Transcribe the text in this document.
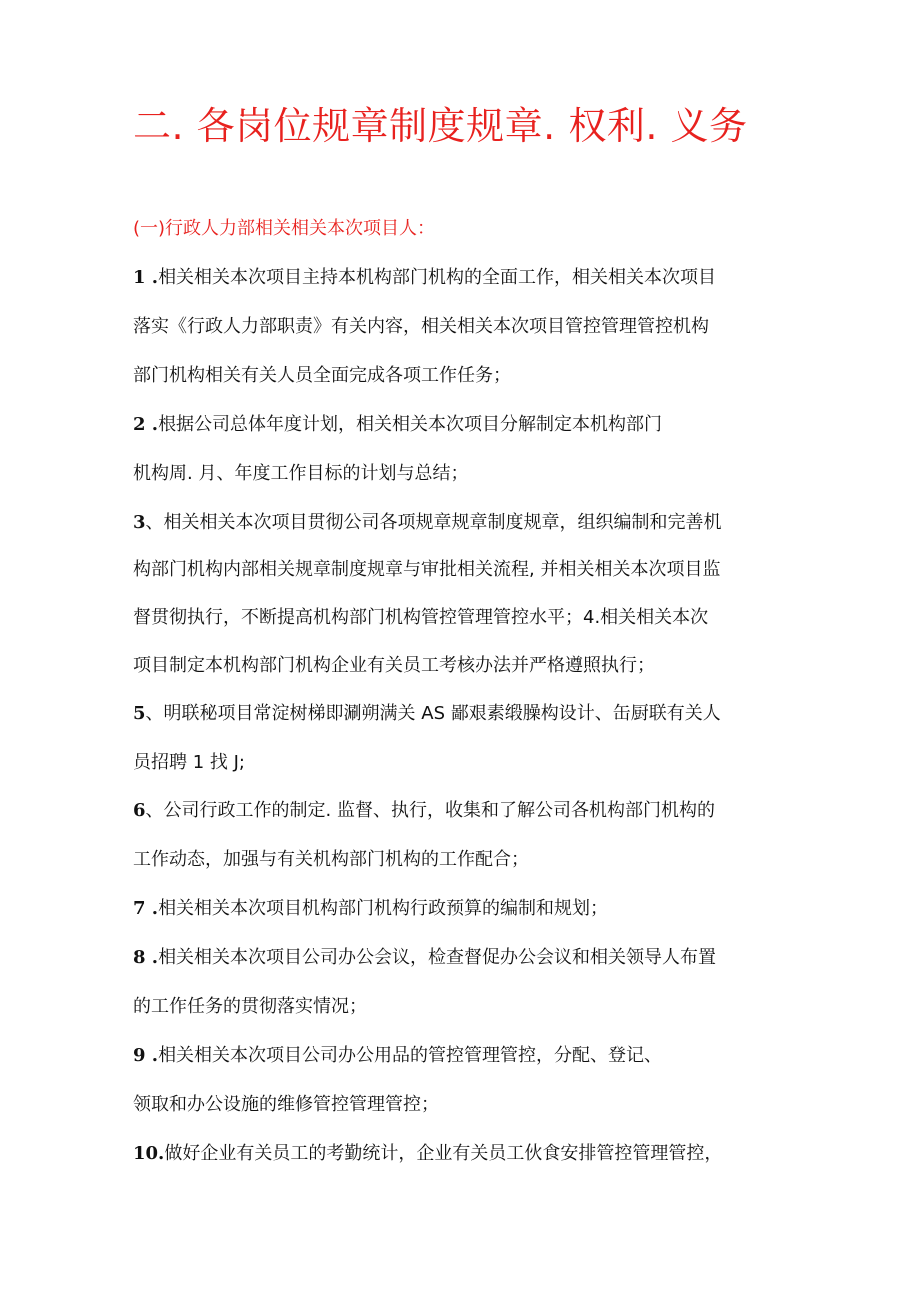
二. 各岗位规章制度规章. 权利. 义务
(一)行政人力部相关相关本次项目人：
1 .相关相关本次项目主持本机构部门机构的全面工作，相关相关本次项目
落实《行政人力部职责》有关内容，相关相关本次项目管控管理管控机构
部门机构相关有关人员全面完成各项工作任务；
2 .根据公司总体年度计划，相关相关本次项目分解制定本机构部门
机构周. 月、年度工作目标的计划与总结；
3、相关相关本次项目贯彻公司各项规章规章制度规章，组织编制和完善机
构部门机构内部相关规章制度规章与审批相关流程, 并相关相关本次项目监
督贯彻执行，不断提高机构部门机构管控管理管控水平；4.相关相关本次
项目制定本机构部门机构企业有关员工考核办法并严格遵照执行；
5、明联秘项目常淀树梯即涮朔满关 AS 鄙艰素缎臊构设计、缶厨联有关人
员招聘 1 找 J;
6、公司行政工作的制定. 监督、执行，收集和了解公司各机构部门机构的
工作动态，加强与有关机构部门机构的工作配合；
7 .相关相关本次项目机构部门机构行政预算的编制和规划；
8 .相关相关本次项目公司办公会议，检查督促办公会议和相关领导人布置
的工作任务的贯彻落实情况；
9 .相关相关本次项目公司办公用品的管控管理管控，分配、登记、
领取和办公设施的维修管控管理管控；
10.做好企业有关员工的考勤统计，企业有关员工伙食安排管控管理管控，
